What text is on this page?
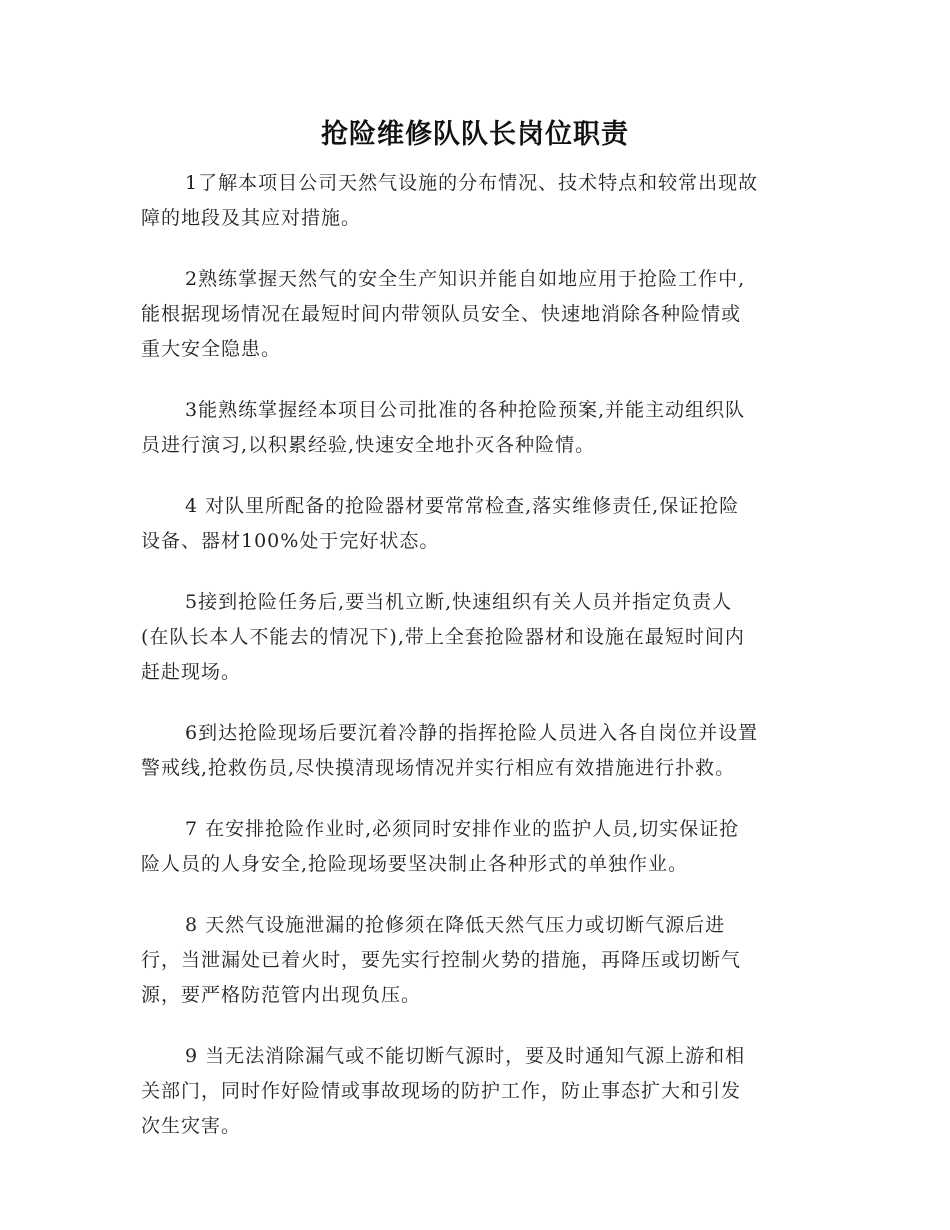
抢险维修队队长岗位职责

1了解本项目公司天然气设施的分布情况、技术特点和较常出现故
障的地段及其应对措施。

2熟练掌握天然气的安全生产知识并能自如地应用于抢险工作中,
能根据现场情况在最短时间内带领队员安全、快速地消除各种险情或
重大安全隐患。

3能熟练掌握经本项目公司批准的各种抢险预案,并能主动组织队
员进行演习,以积累经验,快速安全地扑灭各种险情。

4 对队里所配备的抢险器材要常常检查,落实维修责任,保证抢险
设备、器材100%处于完好状态。

5接到抢险任务后,要当机立断,快速组织有关人员并指定负责人
(在队长本人不能去的情况下),带上全套抢险器材和设施在最短时间内
赶赴现场。

6到达抢险现场后要沉着冷静的指挥抢险人员进入各自岗位并设置
警戒线,抢救伤员,尽快摸清现场情况并实行相应有效措施进行扑救。

7 在安排抢险作业时,必须同时安排作业的监护人员,切实保证抢
险人员的人身安全,抢险现场要坚决制止各种形式的单独作业。

8 天然气设施泄漏的抢修须在降低天然气压力或切断气源后进
行，当泄漏处已着火时，要先实行控制火势的措施，再降压或切断气
源，要严格防范管内出现负压。

9 当无法消除漏气或不能切断气源时，要及时通知气源上游和相
关部门，同时作好险情或事故现场的防护工作，防止事态扩大和引发
次生灾害。
